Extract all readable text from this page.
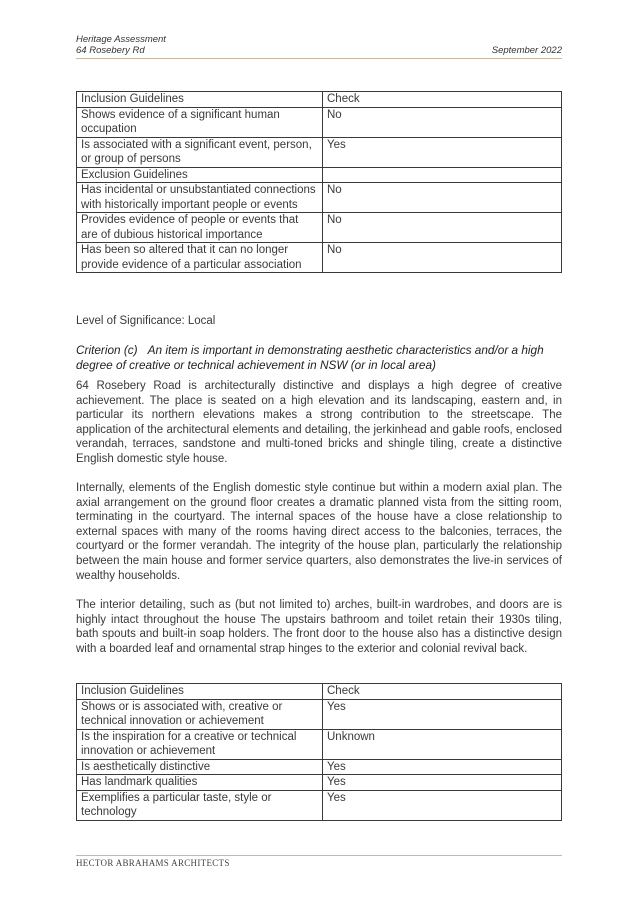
Heritage Assessment
64 Rosebery Rd	September 2022
Inclusion Guidelines	Check
Shows evidence of a significant human occupation	No
Is associated with a significant event, person, or group of persons	Yes
Exclusion Guidelines	
Has incidental or unsubstantiated connections with historically important people or events	No
Provides evidence of people or events that are of dubious historical importance	No
Has been so altered that it can no longer provide evidence of a particular association	No

Level of Significance: Local

Criterion (c) An item is important in demonstrating aesthetic characteristics and/or a high degree of creative or technical achievement in NSW (or in local area)

64 Rosebery Road is architecturally distinctive and displays a high degree of creative achievement. The place is seated on a high elevation and its landscaping, eastern and, in particular its northern elevations makes a strong contribution to the streetscape. The application of the architectural elements and detailing, the jerkinhead and gable roofs, enclosed verandah, terraces, sandstone and multi-toned bricks and shingle tiling, create a distinctive English domestic style house.

Internally, elements of the English domestic style continue but within a modern axial plan. The axial arrangement on the ground floor creates a dramatic planned vista from the sitting room, terminating in the courtyard. The internal spaces of the house have a close relationship to external spaces with many of the rooms having direct access to the balconies, terraces, the courtyard or the former verandah. The integrity of the house plan, particularly the relationship between the main house and former service quarters, also demonstrates the live-in services of wealthy households.

The interior detailing, such as (but not limited to) arches, built-in wardrobes, and doors are is highly intact throughout the house The upstairs bathroom and toilet retain their 1930s tiling, bath spouts and built-in soap holders. The front door to the house also has a distinctive design with a boarded leaf and ornamental strap hinges to the exterior and colonial revival back.

Inclusion Guidelines	Check
Shows or is associated with, creative or technical innovation or achievement	Yes
Is the inspiration for a creative or technical innovation or achievement	Unknown
Is aesthetically distinctive	Yes
Has landmark qualities	Yes
Exemplifies a particular taste, style or technology	Yes
HECTOR ABRAHAMS ARCHITECTS
